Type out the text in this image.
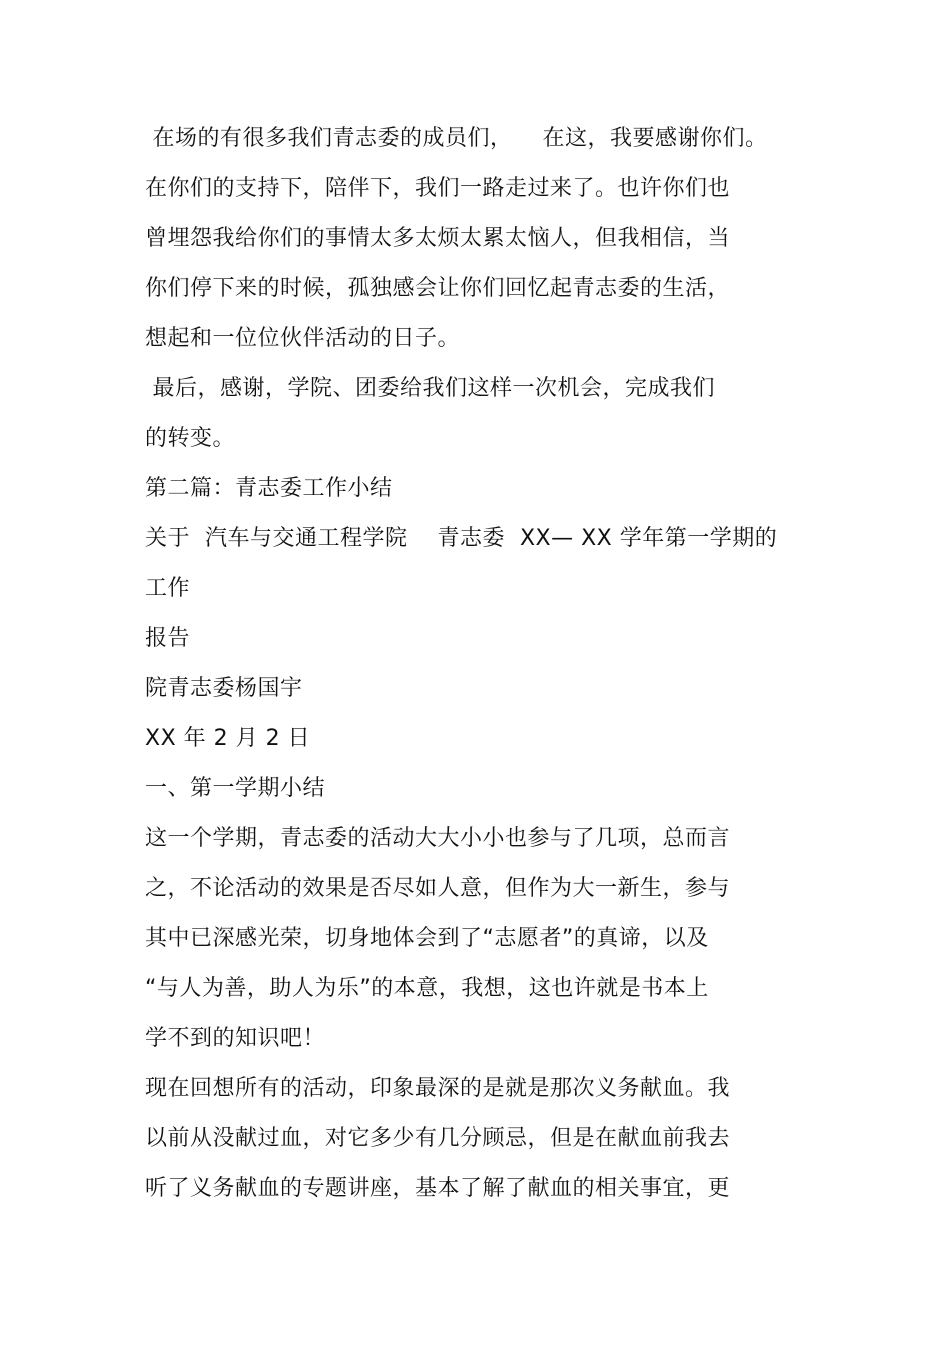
在场的有很多我们青志委的成员们，    在这，我要感谢你们。
在你们的支持下，陪伴下，我们一路走过来了。也许你们也
曾埋怨我给你们的事情太多太烦太累太恼人，但我相信，当
你们停下来的时候，孤独感会让你们回忆起青志委的生活，
想起和一位位伙伴活动的日子。
最后，感谢，学院、团委给我们这样一次机会，完成我们
的转变。
第二篇：青志委工作小结
关于  汽车与交通工程学院    青志委  XX— XX 学年第一学期的
工作
报告
院青志委杨国宇
XX 年 2 月 2 日
一、第一学期小结
这一个学期，青志委的活动大大小小也参与了几项，总而言
之，不论活动的效果是否尽如人意，但作为大一新生，参与
其中已深感光荣，切身地体会到了“志愿者”的真谛，以及
“与人为善，助人为乐”的本意，我想，这也许就是书本上
学不到的知识吧！
现在回想所有的活动，印象最深的是就是那次义务献血。我
以前从没献过血，对它多少有几分顾忌，但是在献血前我去
听了义务献血的专题讲座，基本了解了献血的相关事宜，更
